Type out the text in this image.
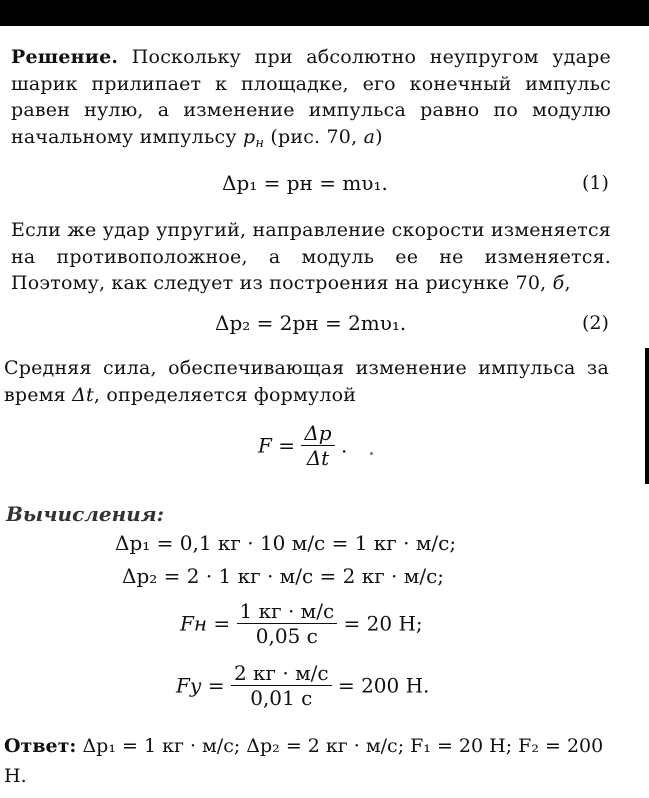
Решение. Поскольку при абсолютно неупругом ударе шарик прилипает к площадке, его конечный импульс равен нулю, а изменение импульса равно по модулю начальному импульсу $p_н$ (рис. 70, а)
Δp₁ = pн = mυ₁.	(1)
Если же удар упругий, направление скорости изменяется на противоположное, а модуль ее не изменяется. Поэтому, как следует из построения на рисунке 70, б,
Δp₂ = 2pн = 2mυ₁.	(2)
Средняя сила, обеспечивающая изменение импульса за время Δt, определяется формулой
$F = \frac{\Delta p}{\Delta t}$ .
Вычисления:
Δp₁ = 0,1 кг · 10 м/с = 1 кг · м/с;
Δp₂ = 2 · 1 кг · м/с = 2 кг · м/с;
Fн = $\frac{1 кг \cdot м/с}{0,05 с} = 20$ Н;
Fу = $\frac{2 кг \cdot м/с}{0,01 с} = 200$ Н.
Ответ: Δp₁ = 1 кг · м/с; Δp₂ = 2 кг · м/с; F₁ = 20 Н; F₂ = 200 Н.
